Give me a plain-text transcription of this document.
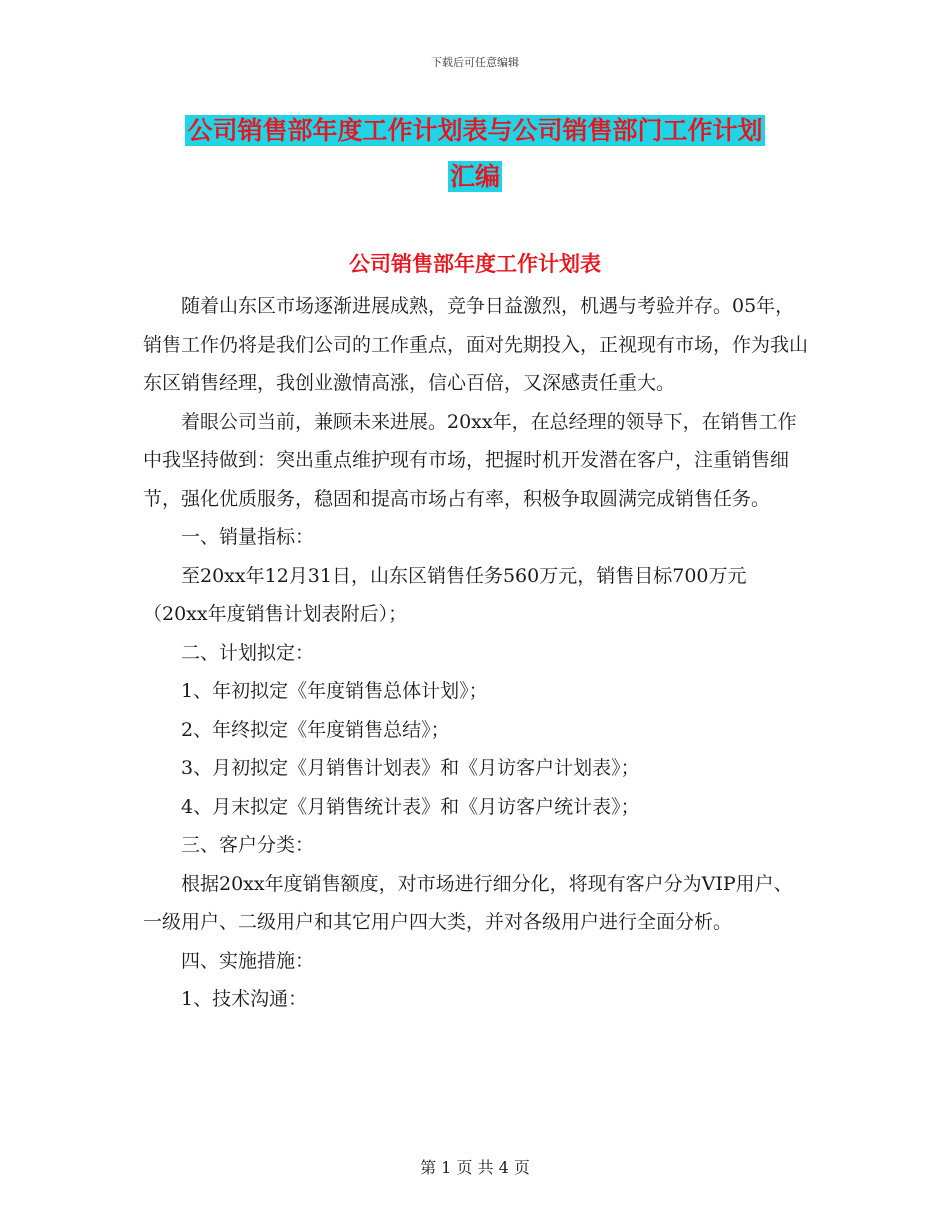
下载后可任意编辑
公司销售部年度工作计划表与公司销售部门工作计划
汇编
公司销售部年度工作计划表

随着山东区市场逐渐进展成熟，竞争日益激烈，机遇与考验并存。05年，销售工作仍将是我们公司的工作重点，面对先期投入，正视现有市场，作为我山东区销售经理，我创业激情高涨，信心百倍，又深感责任重大。

着眼公司当前，兼顾未来进展。20xx年，在总经理的领导下，在销售工作中我坚持做到：突出重点维护现有市场，把握时机开发潜在客户，注重销售细节，强化优质服务，稳固和提高市场占有率，积极争取圆满完成销售任务。

一、销量指标：

至20xx年12月31日，山东区销售任务560万元，销售目标700万元（20xx年度销售计划表附后）；

二、计划拟定：

1、年初拟定《年度销售总体计划》；

2、年终拟定《年度销售总结》；

3、月初拟定《月销售计划表》和《月访客户计划表》；

4、月末拟定《月销售统计表》和《月访客户统计表》；

三、客户分类：

根据20xx年度销售额度，对市场进行细分化，将现有客户分为VIP用户、一级用户、二级用户和其它用户四大类，并对各级用户进行全面分析。

四、实施措施：

1、技术沟通：

第 1 页 共 4 页
